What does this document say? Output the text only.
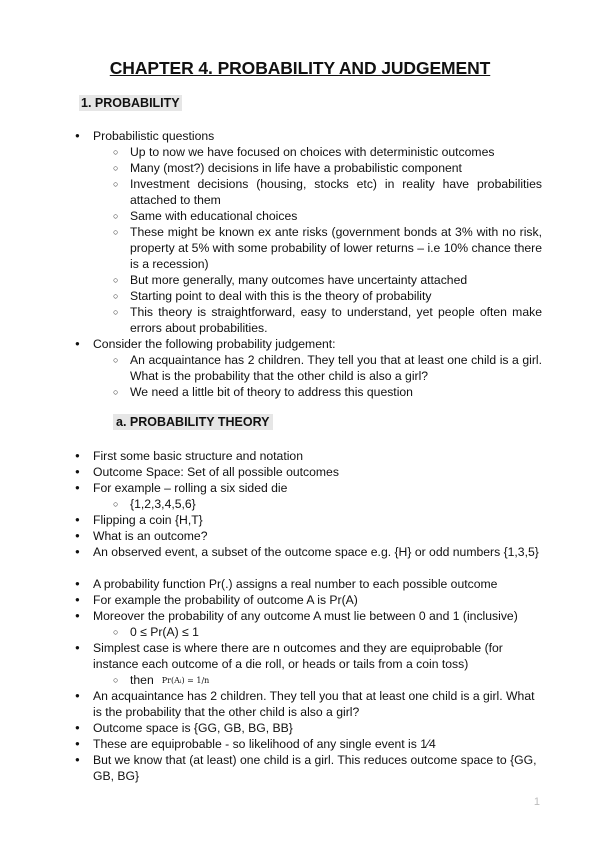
CHAPTER 4. PROBABILITY AND JUDGEMENT
1. PROBABILITY
a. PROBABILITY THEORY
● Probabilistic questions
○ Up to now we have focused on choices with deterministic outcomes
○ Many (most?) decisions in life have a probabilistic component
○ Investment decisions (housing, stocks etc) in reality have probabilities attached to them
○ Same with educational choices
○ These might be known ex ante risks (government bonds at 3% with no risk, property at 5% with some probability of lower returns – i.e 10% chance there is a recession)
○ But more generally, many outcomes have uncertainty attached
○ Starting point to deal with this is the theory of probability
○ This theory is straightforward, easy to understand, yet people often make errors about probabilities.
● Consider the following probability judgement:
○ An acquaintance has 2 children. They tell you that at least one child is a girl. What is the probability that the other child is also a girl?
○ We need a little bit of theory to address this question
● First some basic structure and notation
● Outcome Space: Set of all possible outcomes
● For example – rolling a six sided die
○ {1,2,3,4,5,6}
● Flipping a coin {H,T}
● What is an outcome?
● An observed event, a subset of the outcome space e.g. {H} or odd numbers {1,3,5}
● A probability function Pr(.) assigns a real number to each possible outcome
● For example the probability of outcome A is Pr(A)
● Moreover the probability of any outcome A must lie between 0 and 1 (inclusive)
○ 0 ≤ Pr(A) ≤ 1
● Simplest case is where there are n outcomes and they are equiprobable (for instance each outcome of a die roll, or heads or tails from a coin toss)
○ then Pr(Aᵢ) = 1/n
● An acquaintance has 2 children. They tell you that at least one child is a girl. What is the probability that the other child is also a girl?
● Outcome space is {GG, GB, BG, BB}
● These are equiprobable - so likelihood of any single event is 1⁄4
● But we know that (at least) one child is a girl. This reduces outcome space to {GG, GB, BG}
1
